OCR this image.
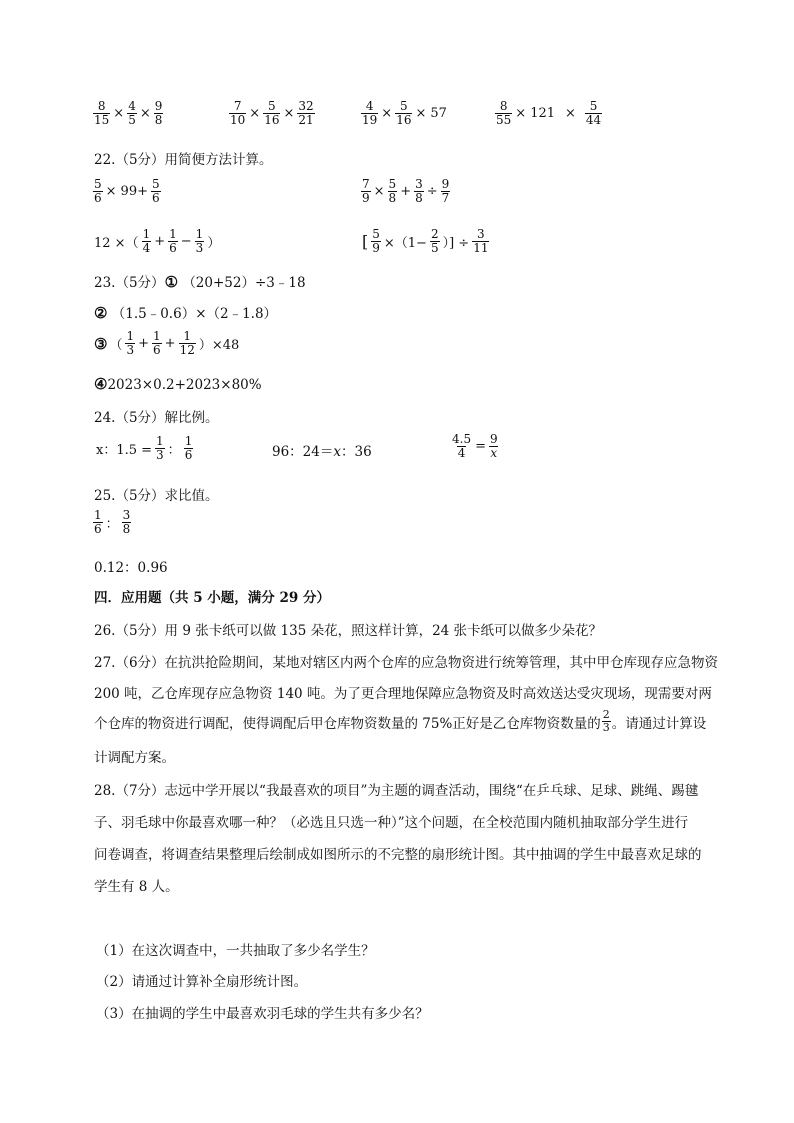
$\frac{8}{15} \times \frac{4}{5} \times \frac{9}{8}$	$\frac{7}{10} \times \frac{5}{16} \times \frac{32}{21}$	$\frac{4}{19} \times \frac{5}{16} \times 57$	$\frac{8}{55} \times 121 \times \frac{5}{44}$
22.（5分）用简便方法计算。
$\frac{5}{6} \times 99+ \frac{5}{6}$	$\frac{7}{9} \times \frac{5}{8} + \frac{3}{8} \div \frac{9}{7}$
12 ×（ $\frac{1}{4} + \frac{1}{6} - \frac{1}{3}$ ）	[ $\frac{5}{9} \times(1- \frac{2}{5}$ ）] ÷ $\frac{3}{11}$
23.（5分）① （20+52）÷3﹣18
② （1.5﹣0.6）×（2﹣1.8）
③ （ $\frac{1}{3} + \frac{1}{6} + \frac{1}{12} )\times 48$
④2023×0.2+2023×80%
24.（5分）解比例。
x：$1.5 = \frac{1}{3}$ ： $\frac{1}{6}$	96：24＝x：36	$\frac{4.5}{4} = \frac{9}{x}$
25.（5分）求比值。
$\frac{1}{6}$ ： $\frac{3}{8}$
0.12：0.96
四．应用题（共 5 小题，满分 29 分）
26.（5分）用 9 张卡纸可以做 135 朵花，照这样计算，24 张卡纸可以做多少朵花？
27.（6分）在抗洪抢险期间，某地对辖区内两个仓库的应急物资进行统筹管理，其中甲仓库现存应急物资
200 吨，乙仓库现存应急物资 140 吨。为了更合理地保障应急物资及时高效送达受灾现场，现需要对两
个仓库的物资进行调配，使得调配后甲仓库物资数量的 75%正好是乙仓库物资数量的 $\frac{2}{3}$ 。请通过计算设
计调配方案。
28.（7分）志远中学开展以“我最喜欢的项目”为主题的调查活动，围绕“在乒乓球、足球、跳绳、踢毽
子、羽毛球中你最喜欢哪一种？（必选且只选一种）”这个问题，在全校范围内随机抽取部分学生进行
问卷调查，将调查结果整理后绘制成如图所示的不完整的扇形统计图。其中抽调的学生中最喜欢足球的
学生有 8 人。
（1）在这次调查中，一共抽取了多少名学生？
（2）请通过计算补全扇形统计图。
（3）在抽调的学生中最喜欢羽毛球的学生共有多少名？
